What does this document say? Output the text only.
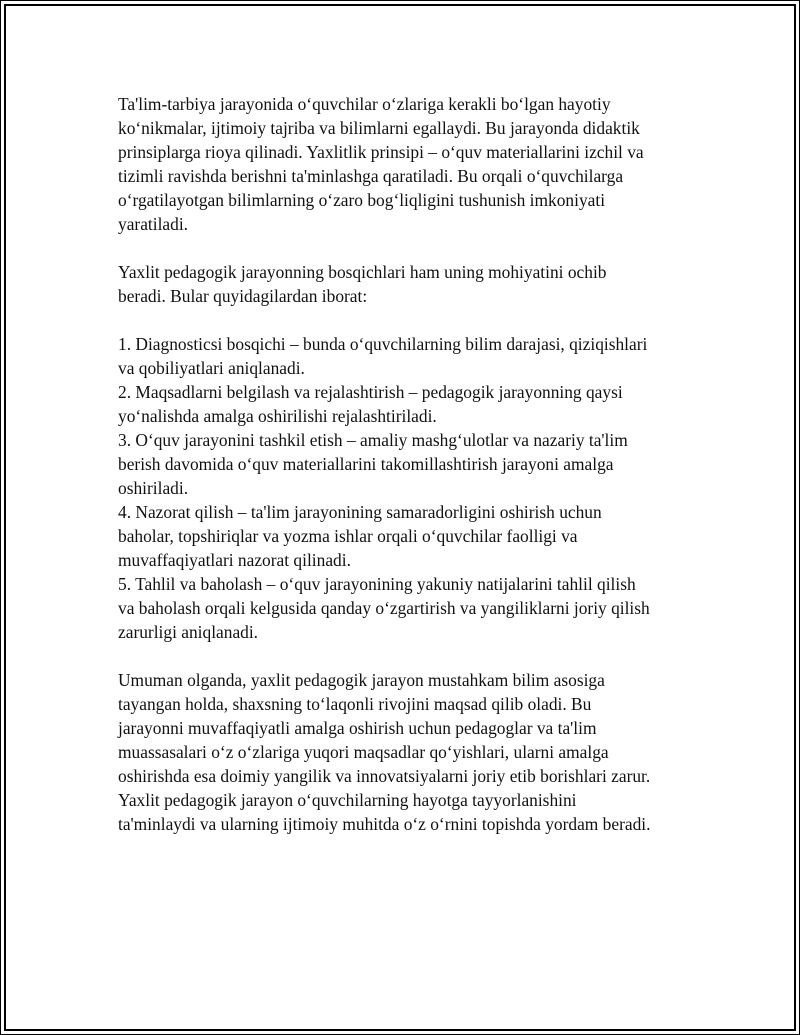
Ta'lim-tarbiya jarayonida o‘quvchilar o‘zlariga kerakli bo‘lgan hayotiy
ko‘nikmalar, ijtimoiy tajriba va bilimlarni egallaydi. Bu jarayonda didaktik
prinsiplarga rioya qilinadi. Yaxlitlik prinsipi – o‘quv materiallarini izchil va
tizimli ravishda berishni ta'minlashga qaratiladi. Bu orqali o‘quvchilarga
o‘rgatilayotgan bilimlarning o‘zaro bog‘liqligini tushunish imkoniyati
yaratiladi.

Yaxlit pedagogik jarayonning bosqichlari ham uning mohiyatini ochib
beradi. Bular quyidagilardan iborat:

1. Diagnosticsi bosqichi – bunda o‘quvchilarning bilim darajasi, qiziqishlari
va qobiliyatlari aniqlanadi.

2. Maqsadlarni belgilash va rejalashtirish – pedagogik jarayonning qaysi
yo‘nalishda amalga oshirilishi rejalashtiriladi.

3. O‘quv jarayonini tashkil etish – amaliy mashg‘ulotlar va nazariy ta'lim
berish davomida o‘quv materiallarini takomillashtirish jarayoni amalga
oshiriladi.

4. Nazorat qilish – ta'lim jarayonining samaradorligini oshirish uchun
baholar, topshiriqlar va yozma ishlar orqali o‘quvchilar faolligi va
muvaffaqiyatlari nazorat qilinadi.

5. Tahlil va baholash – o‘quv jarayonining yakuniy natijalarini tahlil qilish
va baholash orqali kelgusida qanday o‘zgartirish va yangiliklarni joriy qilish
zarurligi aniqlanadi.

Umuman olganda, yaxlit pedagogik jarayon mustahkam bilim asosiga
tayangan holda, shaxsning to‘laqonli rivojini maqsad qilib oladi. Bu
jarayonni muvaffaqiyatli amalga oshirish uchun pedagoglar va ta'lim
muassasalari o‘z o‘zlariga yuqori maqsadlar qo‘yishlari, ularni amalga
oshirishda esa doimiy yangilik va innovatsiyalarni joriy etib borishlari zarur.
Yaxlit pedagogik jarayon o‘quvchilarning hayotga tayyorlanishini
ta'minlaydi va ularning ijtimoiy muhitda o‘z o‘rnini topishda yordam beradi.
